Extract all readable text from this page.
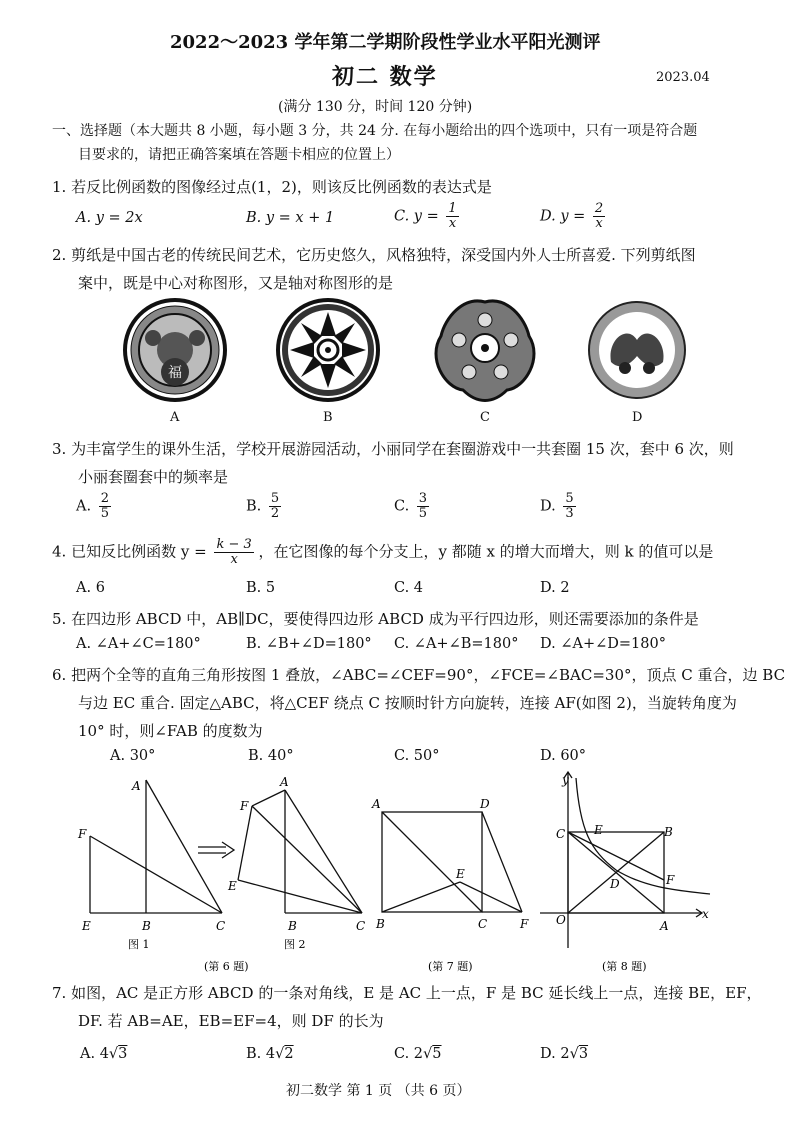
2022～2023 学年第二学期阶段性学业水平阳光测评
初二 数学	2023.04
(满分 130 分，时间 120 分钟)
一、选择题（本大题共 8 小题，每小题 3 分，共 24 分. 在每小题给出的四个选项中，只有一项是符合题
目要求的，请把正确答案填在答题卡相应的位置上）
1. 若反比例函数的图像经过点(1，2)，则该反比例函数的表达式是
A. y = 2x	B. y = x + 1	C. $y = \frac{1}{x}$	D. $y = \frac{2}{x}$
2. 剪纸是中国古老的传统民间艺术，它历史悠久，风格独特，深受国内外人士所喜爱. 下列剪纸图
案中，既是中心对称图形，又是轴对称图形的是
福
A	B	C	D
3. 为丰富学生的课外生活，学校开展游园活动，小丽同学在套圈游戏中一共套圈 15 次，套中 6 次，则
小丽套圈套中的频率是
A. $\frac{2}{5}$	B. $\frac{5}{2}$	C. $\frac{3}{5}$	D. $\frac{5}{3}$
4. 已知反比例函数 $y = \frac{k - 3}{x}$ ，在它图像的每个分支上，y 都随 x 的增大而增大，则 k 的值可以是
A. 6	B. 5	C. 4	D. 2
5. 在四边形 ABCD 中，AB∥DC，要使得四边形 ABCD 成为平行四边形，则还需要添加的条件是
A. ∠A+∠C=180°	B. ∠B+∠D=180° C. ∠A+∠B=180° D. ∠A+∠D=180°
6. 把两个全等的直角三角形按图 1 叠放，∠ABC=∠CEF=90°，∠FCE=∠BAC=30°，顶点 C 重合，边 BC
与边 EC 重合. 固定△ABC，将△CEF 绕点 C 按顺时针方向旋转，连接 AF(如图 2)，当旋转角度为
10° 时，则∠FAB 的度数为
A. 30°	B. 40°	C. 50°	D. 60°
A
F
E	B	C
图 1
A
F
E
B	C
图 2
(第 6 题)
A	D
E
B	C	F
(第 7 题)
y
C E	B
D	F
O	A
x
(第 8 题)
7. 如图，AC 是正方形 ABCD 的一条对角线，E 是 AC 上一点，F 是 BC 延长线上一点，连接 BE，EF，
DF. 若 AB=AE，EB=EF=4，则 DF 的长为
A. 4√3	B. 4√2	C. 2√5	D. 2√3
初二数学 第 1 页 （共 6 页）
